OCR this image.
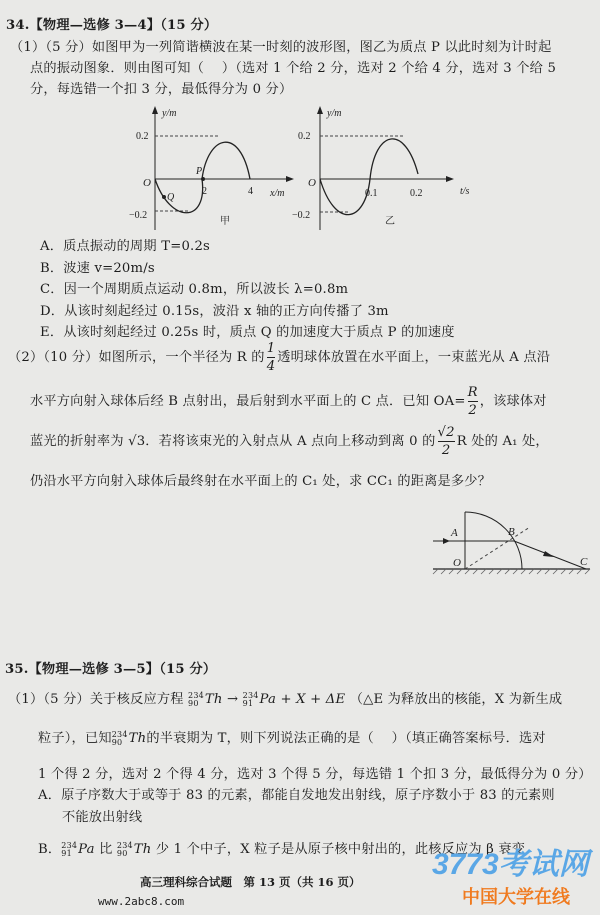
34.【物理—选修 3—4】（15 分）
（1）（5 分）如图甲为一列简谐横波在某一时刻的波形图，图乙为质点 P 以此时刻为计时起
点的振动图象．则由图可知（　 ）（选对 1 个给 2 分，选对 2 个给 4 分，选对 3 个给 5
分，每选错一个扣 3 分，最低得分为 0 分）
y/m
x/m
0.2
−0.2
O
2	4
P
Q
甲
y/m
t/s
0.2
−0.2
O
0.1	0.2
乙
A．质点振动的周期 T=0.2s
B．波速 v=20m/s
C．因一个周期质点运动 0.8m，所以波长 λ=0.8m
D．从该时刻起经过 0.15s，波沿 x 轴的正方向传播了 3m
E．从该时刻起经过 0.25s 时，质点 Q 的加速度大于质点 P 的加速度
（2）（10 分）如图所示，一个半径为 R 的 $\frac{1}{4}$ 透明球体放置在水平面上，一束蓝光从 A 点沿
水平方向射入球体后经 B 点射出，最后射到水平面上的 C 点．已知 $OA= \frac{R}{2}$ ，该球体对
蓝光的折射率为 √3．若将该束光的入射点从 A 点向上移动到离 0 的 $\frac{√2}{2}$ R 处的 A₁ 处，
仍沿水平方向射入球体后最终射在水平面上的 C₁ 处，求 CC₁ 的距离是多少？
A	B
O	C
35.【物理—选修 3—5】（15 分）
（1）（5 分）关于核反应方程 234
90 Th → 234
91 Pa + X + ΔE （△E 为释放出的核能，X 为新生成
粒子），已知 234
90 Th的半衰期为 T，则下列说法正确的是（　 ）（填正确答案标号．选对
1 个得 2 分，选对 2 个得 4 分，选对 3 个得 5 分，每选错 1 个扣 3 分，最低得分为 0 分）
A．原子序数大于或等于 83 的元素，都能自发地发出射线，原子序数小于 83 的元素则
不能放出射线
B． 234
91 Pa 比 234
90 Th 少 1 个中子，X 粒子是从原子核中射出的，此核反应为 β 衰变
高三理科综合试题　第 13 页（共 16 页）
www.2abc8.com
3773考试网
中国大学在线
